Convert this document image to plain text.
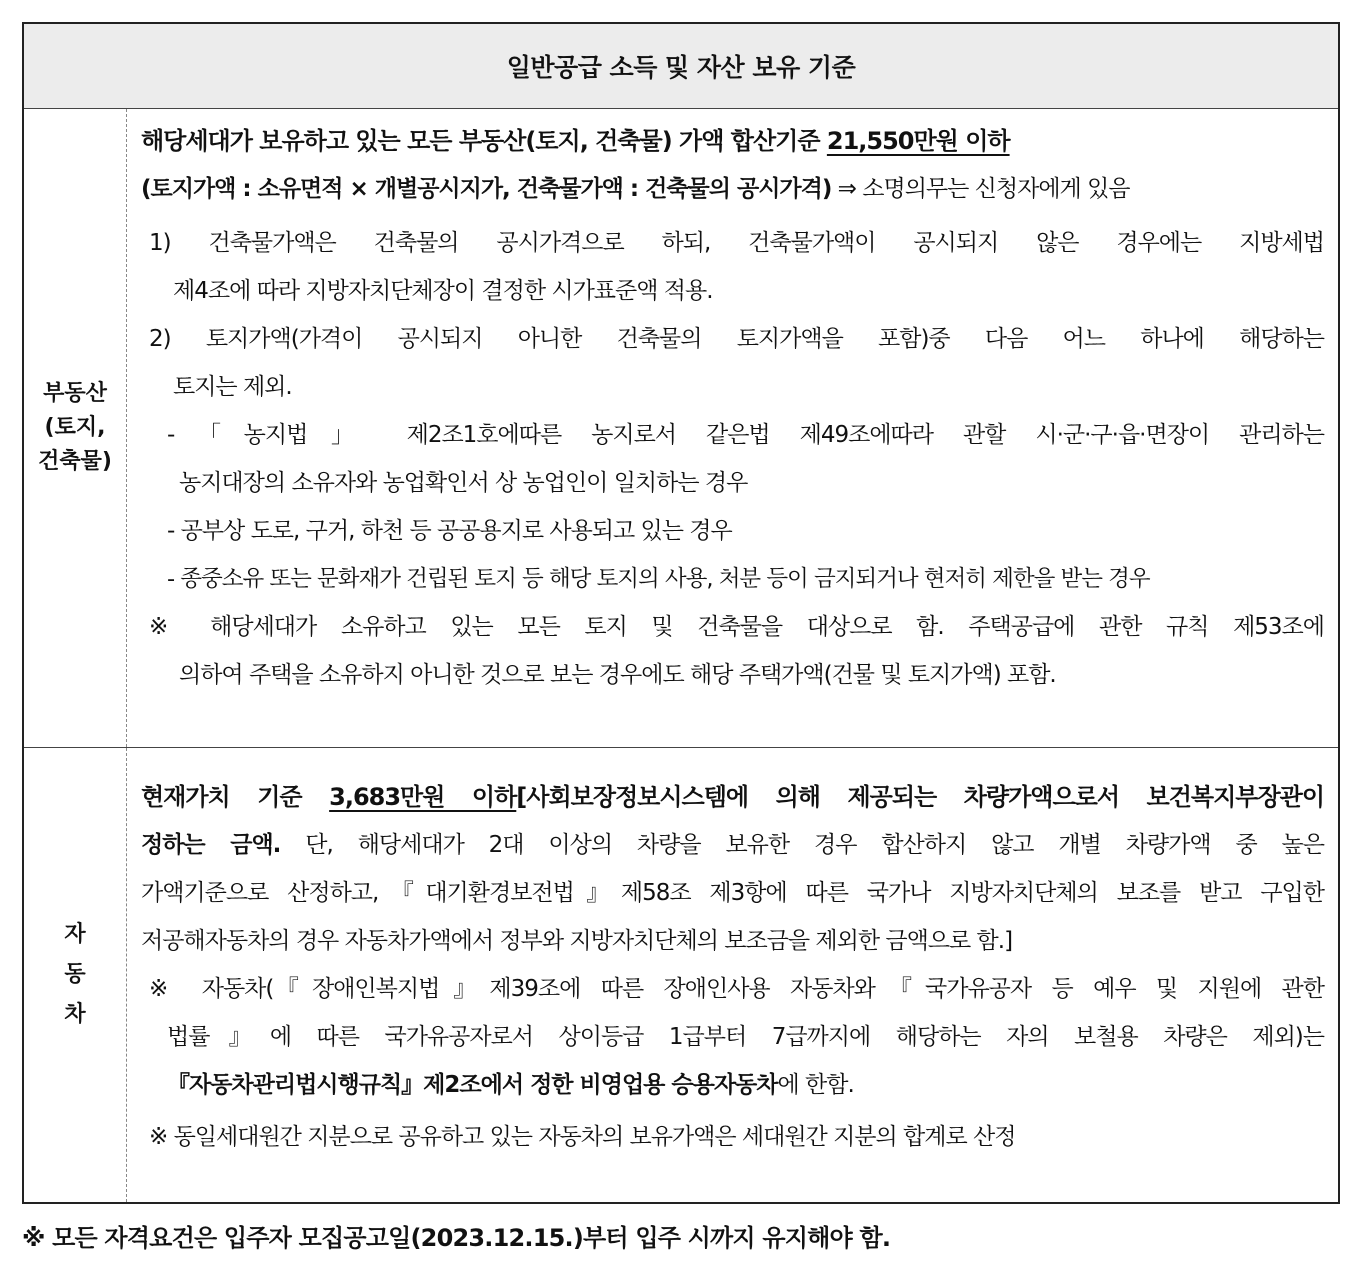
일반공급 소득 및 자산 보유 기준
부동산
(토지,
건축물)
해당세대가 보유하고 있는 모든 부동산(토지, 건축물) 가액 합산기준 21,550만원 이하
(토지가액 : 소유면적 × 개별공시지가, 건축물가액 : 건축물의 공시가격) ⇒ 소명의무는 신청자에게 있음
1) 건축물가액은 건축물의 공시가격으로 하되, 건축물가액이 공시되지 않은 경우에는 지방세법
제4조에 따라 지방자치단체장이 결정한 시가표준액 적용.
2) 토지가액(가격이 공시되지 아니한 건축물의 토지가액을 포함)중 다음 어느 하나에 해당하는
토지는 제외.
-「농지법」 제2조1호에따른 농지로서 같은법 제49조에따라 관할 시·군·구·읍·면장이 관리하는
농지대장의 소유자와 농업확인서 상 농업인이 일치하는 경우
- 공부상 도로, 구거, 하천 등 공공용지로 사용되고 있는 경우
- 종중소유 또는 문화재가 건립된 토지 등 해당 토지의 사용, 처분 등이 금지되거나 현저히 제한을 받는 경우
※ 해당세대가 소유하고 있는 모든 토지 및 건축물을 대상으로 함. 주택공급에 관한 규칙 제53조에
의하여 주택을 소유하지 아니한 것으로 보는 경우에도 해당 주택가액(건물 및 토지가액) 포함.
자
동
차
현재가치 기준 3,683만원 이하[사회보장정보시스템에 의해 제공되는 차량가액으로서 보건복지부장관이
정하는 금액. 단, 해당세대가 2대 이상의 차량을 보유한 경우 합산하지 않고 개별 차량가액 중 높은
가액기준으로 산정하고,『대기환경보전법』제58조 제3항에 따른 국가나 지방자치단체의 보조를 받고 구입한
저공해자동차의 경우 자동차가액에서 정부와 지방자치단체의 보조금을 제외한 금액으로 함.]
※ 자동차(『장애인복지법』제39조에 따른 장애인사용 자동차와『국가유공자 등 예우 및 지원에 관한
법률』에 따른 국가유공자로서 상이등급 1급부터 7급까지에 해당하는 자의 보철용 차량은 제외)는
『자동차관리법시행규칙』제2조에서 정한 비영업용 승용자동차에 한함.
※ 동일세대원간 지분으로 공유하고 있는 자동차의 보유가액은 세대원간 지분의 합계로 산정
※ 모든 자격요건은 입주자 모집공고일(2023.12.15.)부터 입주 시까지 유지해야 함.
